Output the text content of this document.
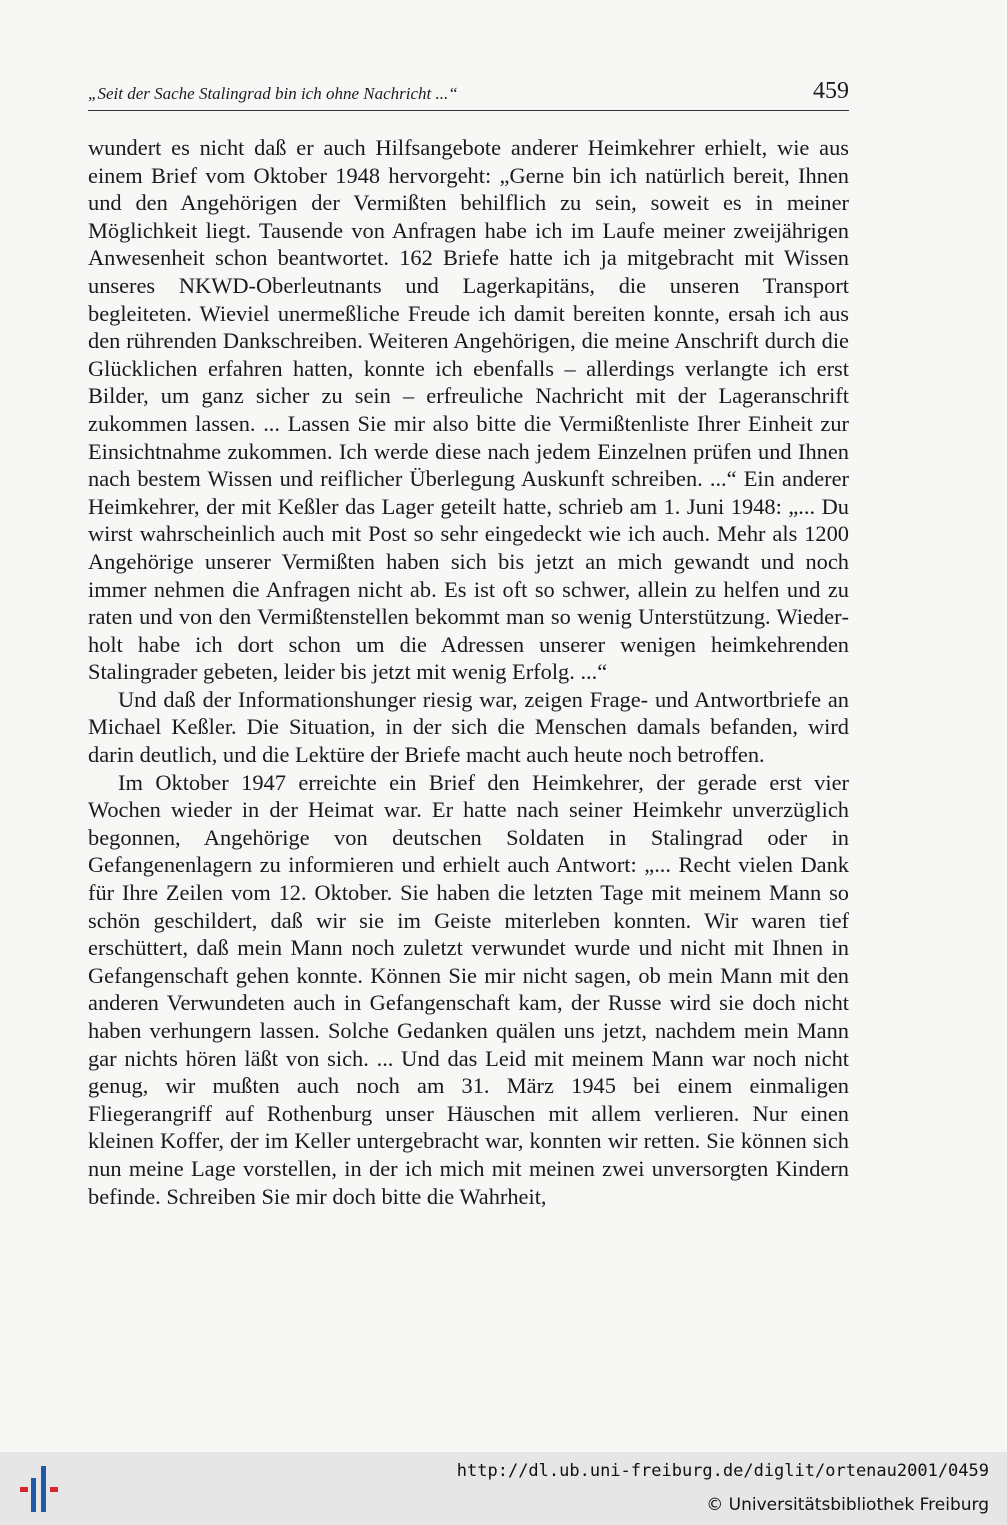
„Seit der Sache Stalingrad bin ich ohne Nachricht ...“	459

wundert es nicht daß er auch Hilfsangebote anderer Heimkehrer erhielt, wie aus einem Brief vom Oktober 1948 hervorgeht: „Gerne bin ich natürlich bereit, Ihnen und den Angehörigen der Vermißten behilflich zu sein, soweit es in meiner Möglichkeit liegt. Tausende von Anfragen habe ich im Laufe meiner zweijährigen Anwesenheit schon beantwortet. 162 Briefe hatte ich ja mitgebracht mit Wissen unseres NKWD-Oberleutnants und Lagerkapitäns, die unseren Transport begleiteten. Wieviel unermeßliche Freude ich damit bereiten konnte, ersah ich aus den rührenden Dankschreiben. Weiteren Angehörigen, die meine Anschrift durch die Glücklichen erfahren hatten, konnte ich ebenfalls – allerdings verlangte ich erst Bilder, um ganz sicher zu sein – erfreuliche Nachricht mit der Lageranschrift zukommen lassen. ... Lassen Sie mir also bitte die Vermißtenliste Ihrer Einheit zur Einsichtnahme zukommen. Ich werde diese nach jedem Einzelnen prüfen und Ihnen nach bestem Wissen und reiflicher Überlegung Auskunft schreiben. ...“ Ein anderer Heimkehrer, der mit Keßler das Lager geteilt hatte, schrieb am 1. Juni 1948: „... Du wirst wahrscheinlich auch mit Post so sehr eingedeckt wie ich auch. Mehr als 1200 Angehörige unserer Vermißten haben sich bis jetzt an mich gewandt und noch immer nehmen die Anfragen nicht ab. Es ist oft so schwer, allein zu helfen und zu raten und von den Vermißtenstellen bekommt man so wenig Unterstützung. Wiederholt habe ich dort schon um die Adressen unserer wenigen heimkehrenden Stalingrader gebeten, leider bis jetzt mit wenig Erfolg. ...“

Und daß der Informationshunger riesig war, zeigen Frage- und Antwortbriefe an Michael Keßler. Die Situation, in der sich die Menschen damals befanden, wird darin deutlich, und die Lektüre der Briefe macht auch heute noch betroffen.

Im Oktober 1947 erreichte ein Brief den Heimkehrer, der gerade erst vier Wochen wieder in der Heimat war. Er hatte nach seiner Heimkehr unverzüglich begonnen, Angehörige von deutschen Soldaten in Stalingrad oder in Gefangenenlagern zu informieren und erhielt auch Antwort: „... Recht vielen Dank für Ihre Zeilen vom 12. Oktober. Sie haben die letzten Tage mit meinem Mann so schön geschildert, daß wir sie im Geiste miterleben konnten. Wir waren tief erschüttert, daß mein Mann noch zuletzt verwundet wurde und nicht mit Ihnen in Gefangenschaft gehen konnte. Können Sie mir nicht sagen, ob mein Mann mit den anderen Verwundeten auch in Gefangenschaft kam, der Russe wird sie doch nicht haben verhungern lassen. Solche Gedanken quälen uns jetzt, nachdem mein Mann gar nichts hören läßt von sich. ... Und das Leid mit meinem Mann war noch nicht genug, wir mußten auch noch am 31. März 1945 bei einem einmaligen Fliegerangriff auf Rothenburg unser Häuschen mit allem verlieren. Nur einen kleinen Koffer, der im Keller untergebracht war, konnten wir retten. Sie können sich nun meine Lage vorstellen, in der ich mich mit meinen zwei unversorgten Kindern befinde. Schreiben Sie mir doch bitte die Wahrheit,

http://dl.ub.uni-freiburg.de/diglit/ortenau2001/0459
© Universitätsbibliothek Freiburg
